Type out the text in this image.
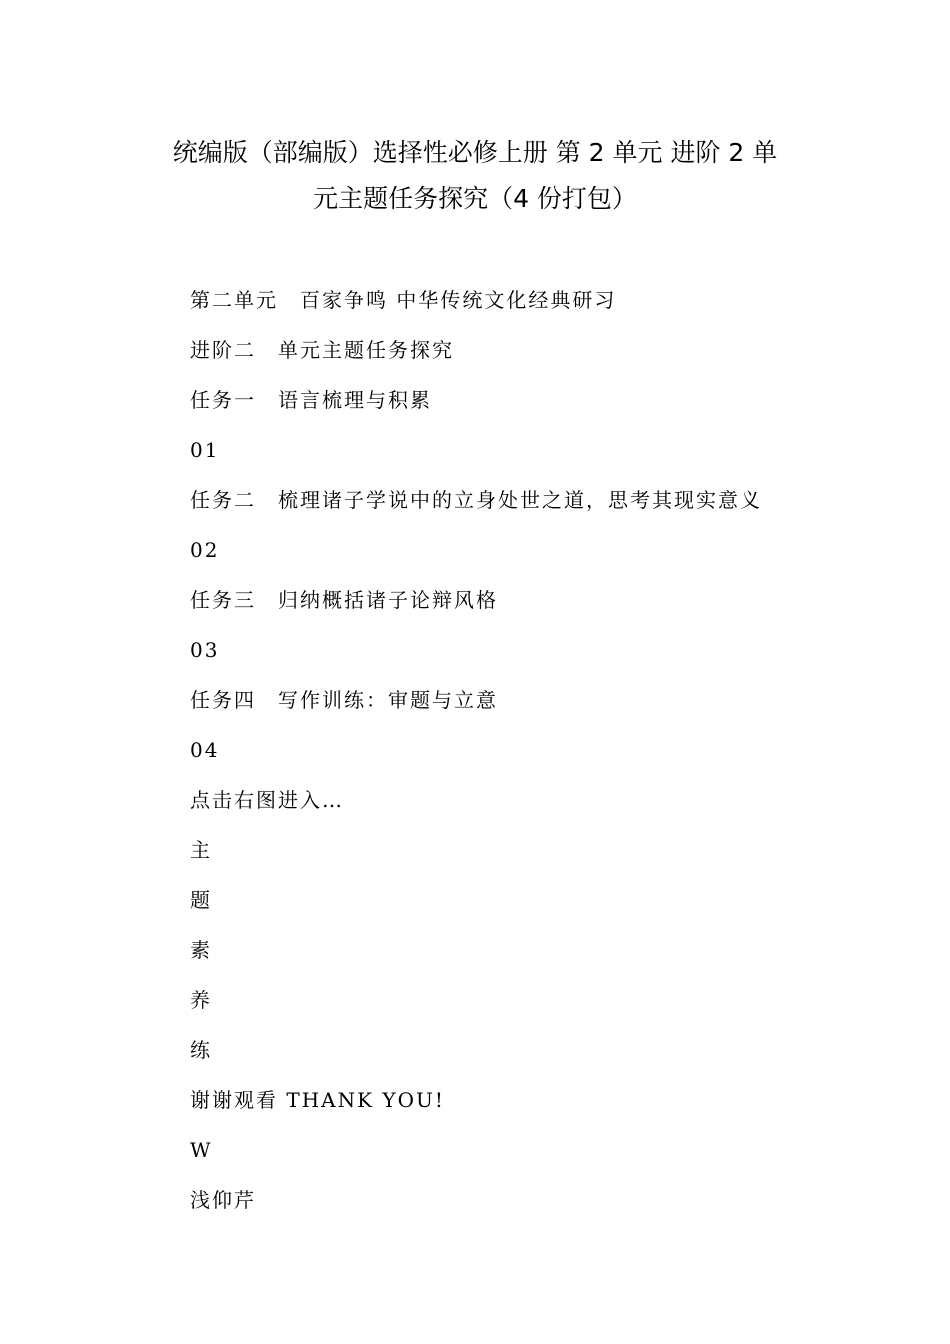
统编版（部编版）选择性必修上册 第 2 单元 进阶 2 单
元主题任务探究（4 份打包）
第二单元　百家争鸣 中华传统文化经典研习
进阶二　单元主题任务探究
任务一　语言梳理与积累
01
任务二　梳理诸子学说中的立身处世之道，思考其现实意义
02
任务三　归纳概括诸子论辩风格
03
任务四　写作训练：审题与立意
04
点击右图进入…
主
题
素
养
练
谢谢观看 THANK YOU!
W
浅仰芹
